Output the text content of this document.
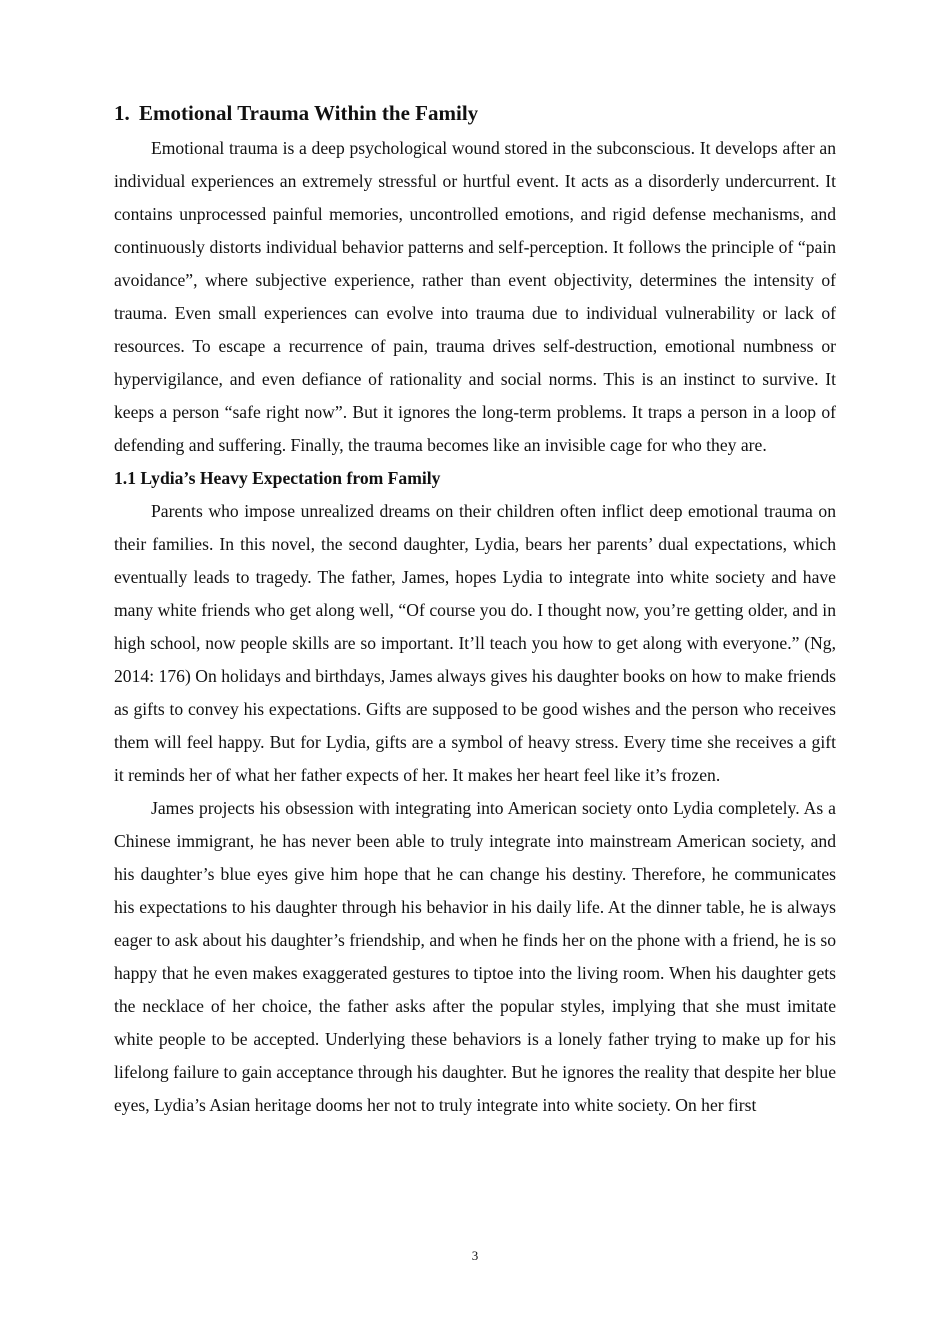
1. Emotional Trauma Within the Family

Emotional trauma is a deep psychological wound stored in the subconscious. It develops after an individual experiences an extremely stressful or hurtful event. It acts as a disorderly undercurrent. It contains unprocessed painful memories, uncontrolled emotions, and rigid defense mechanisms, and continuously distorts individual behavior patterns and self-perception. It follows the principle of “pain avoidance”, where subjective experience, rather than event objectivity, determines the intensity of trauma. Even small experiences can evolve into trauma due to individual vulnerability or lack of resources. To escape a recurrence of pain, trauma drives self-destruction, emotional numbness or hypervigilance, and even defiance of rationality and social norms. This is an instinct to survive. It keeps a person “safe right now”. But it ignores the long-term problems. It traps a person in a loop of defending and suffering. Finally, the trauma becomes like an invisible cage for who they are.

1.1 Lydia’s Heavy Expectation from Family

Parents who impose unrealized dreams on their children often inflict deep emotional trauma on their families. In this novel, the second daughter, Lydia, bears her parents’ dual expectations, which eventually leads to tragedy. The father, James, hopes Lydia to integrate into white society and have many white friends who get along well, “Of course you do. I thought now, you’re getting older, and in high school, now people skills are so important. It’ll teach you how to get along with everyone.” (Ng, 2014: 176) On holidays and birthdays, James always gives his daughter books on how to make friends as gifts to convey his expectations. Gifts are supposed to be good wishes and the person who receives them will feel happy. But for Lydia, gifts are a symbol of heavy stress. Every time she receives a gift it reminds her of what her father expects of her. It makes her heart feel like it’s frozen.

James projects his obsession with integrating into American society onto Lydia completely. As a Chinese immigrant, he has never been able to truly integrate into mainstream American society, and his daughter’s blue eyes give him hope that he can change his destiny. Therefore, he communicates his expectations to his daughter through his behavior in his daily life. At the dinner table, he is always eager to ask about his daughter’s friendship, and when he finds her on the phone with a friend, he is so happy that he even makes exaggerated gestures to tiptoe into the living room. When his daughter gets the necklace of her choice, the father asks after the popular styles, implying that she must imitate white people to be accepted. Underlying these behaviors is a lonely father trying to make up for his lifelong failure to gain acceptance through his daughter. But he ignores the reality that despite her blue eyes, Lydia’s Asian heritage dooms her not to truly integrate into white society. On her first

3
